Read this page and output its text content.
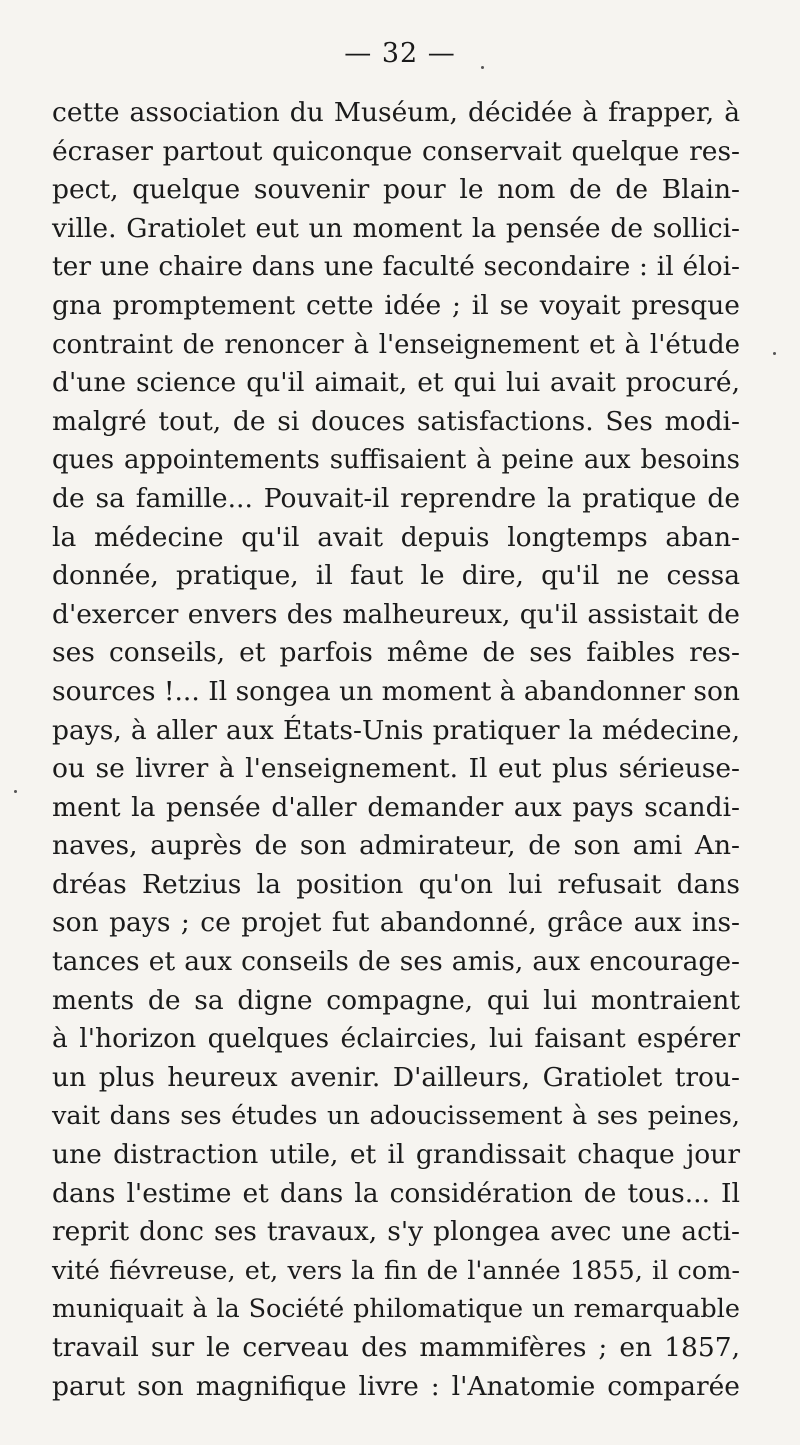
— 32 —
cette association du Muséum, décidée à frapper, à
écraser partout quiconque conservait quelque res-
pect, quelque souvenir pour le nom de de Blain-
ville. Gratiolet eut un moment la pensée de sollici-
ter une chaire dans une faculté secondaire : il éloi-
gna promptement cette idée ; il se voyait presque
contraint de renoncer à l'enseignement et à l'étude
d'une science qu'il aimait, et qui lui avait procuré,
malgré tout, de si douces satisfactions. Ses modi-
ques appointements suffisaient à peine aux besoins
de sa famille... Pouvait-il reprendre la pratique de
la médecine qu'il avait depuis longtemps aban-
donnée, pratique, il faut le dire, qu'il ne cessa
d'exercer envers des malheureux, qu'il assistait de
ses conseils, et parfois même de ses faibles res-
sources !... Il songea un moment à abandonner son
pays, à aller aux États-Unis pratiquer la médecine,
ou se livrer à l'enseignement. Il eut plus sérieuse-
ment la pensée d'aller demander aux pays scandi-
naves, auprès de son admirateur, de son ami An-
dréas Retzius la position qu'on lui refusait dans
son pays ; ce projet fut abandonné, grâce aux ins-
tances et aux conseils de ses amis, aux encourage-
ments de sa digne compagne, qui lui montraient
à l'horizon quelques éclaircies, lui faisant espérer
un plus heureux avenir. D'ailleurs, Gratiolet trou-
vait dans ses études un adoucissement à ses peines,
une distraction utile, et il grandissait chaque jour
dans l'estime et dans la considération de tous... Il
reprit donc ses travaux, s'y plongea avec une acti-
vité fiévreuse, et, vers la fin de l'année 1855, il com-
muniquait à la Société philomatique un remarquable
travail sur le cerveau des mammifères ; en 1857,
parut son magnifique livre : l'Anatomie comparée
